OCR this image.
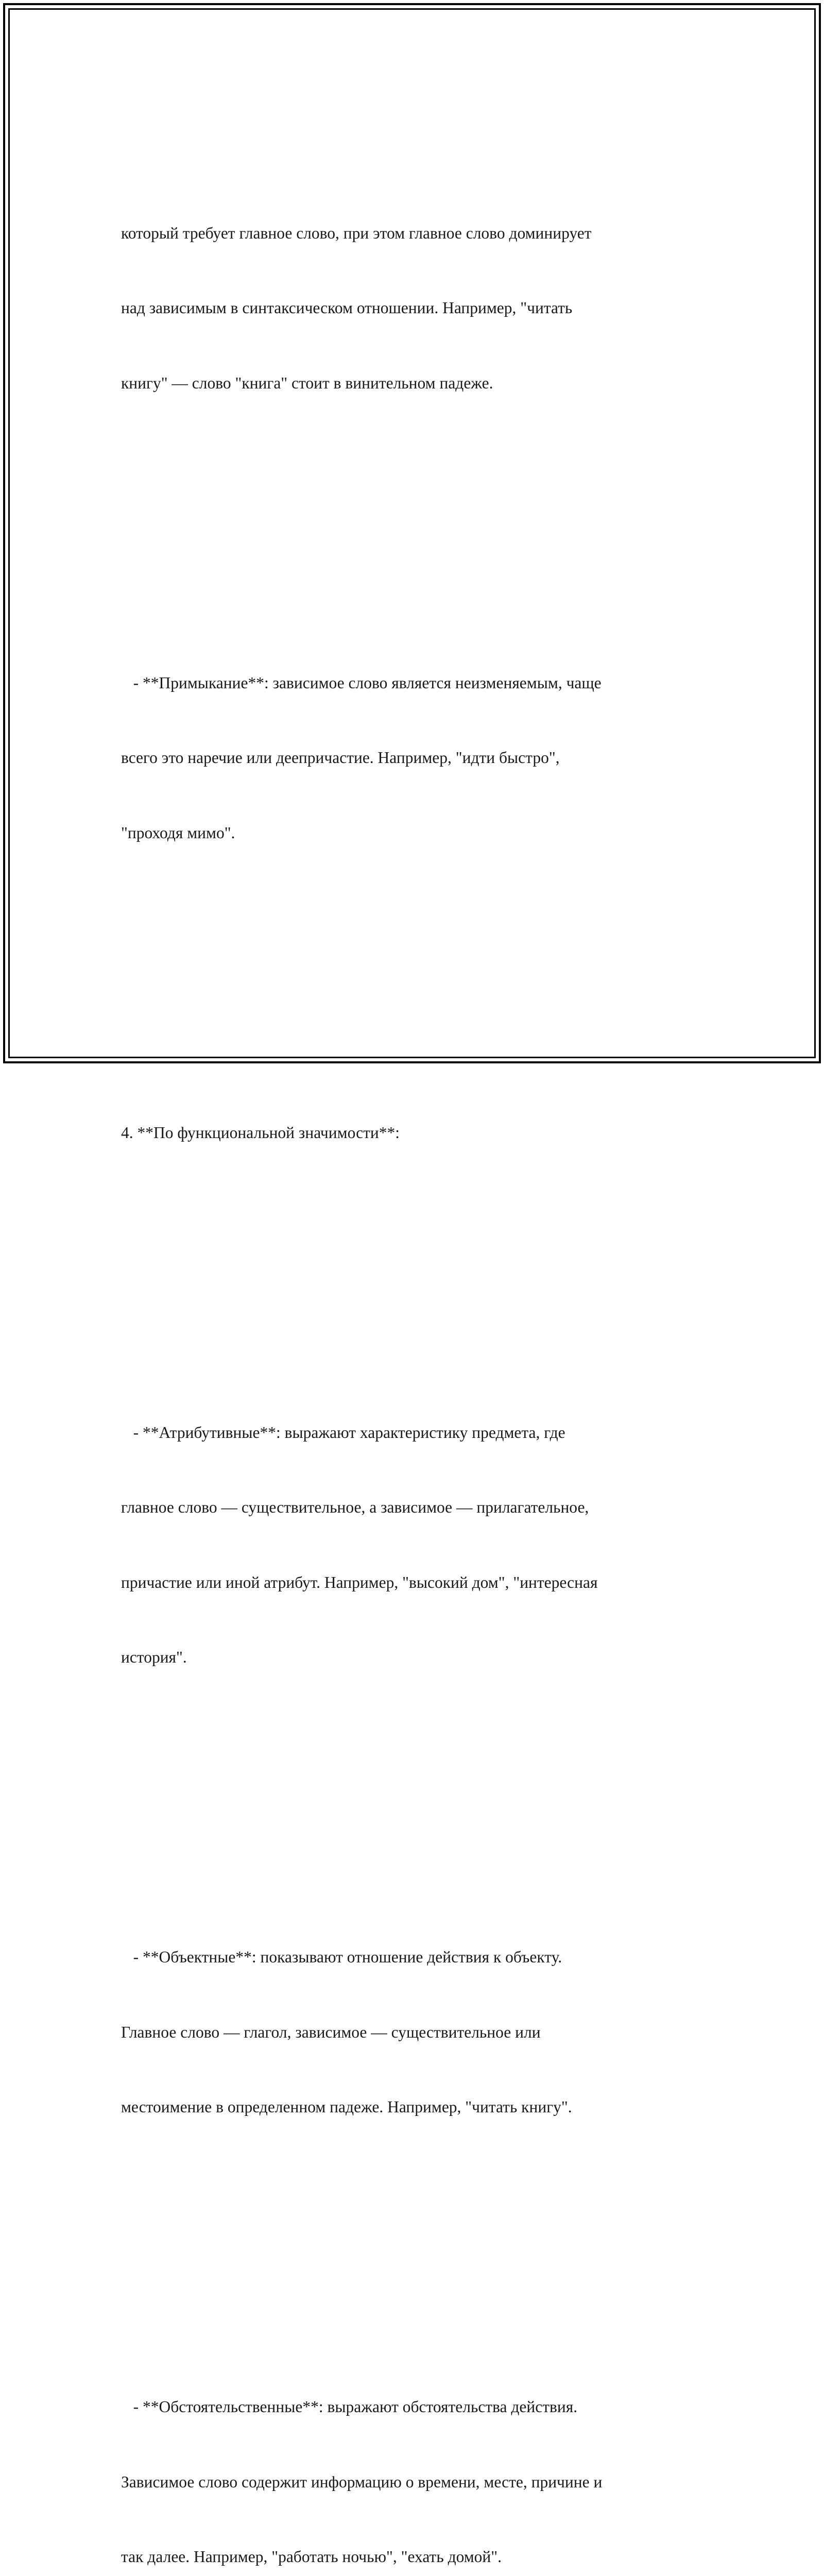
который требует главное слово, при этом главное слово доминирует

над зависимым в синтаксическом отношении. Например, "читать

книгу" — слово "книга" стоит в винительном падеже.

- **Примыкание**: зависимое слово является неизменяемым, чаще

всего это наречие или деепричастие. Например, "идти быстро",

"проходя мимо".

4. **По функциональной значимости**:

- **Атрибутивные**: выражают характеристику предмета, где

главное слово — существительное, а зависимое — прилагательное,

причастие или иной атрибут. Например, "высокий дом", "интересная

история".

- **Объектные**: показывают отношение действия к объекту.

Главное слово — глагол, зависимое — существительное или

местоимение в определенном падеже. Например, "читать книгу".

- **Обстоятельственные**: выражают обстоятельства действия.

Зависимое слово содержит информацию о времени, месте, причине и

так далее. Например, "работать ночью", "ехать домой".
